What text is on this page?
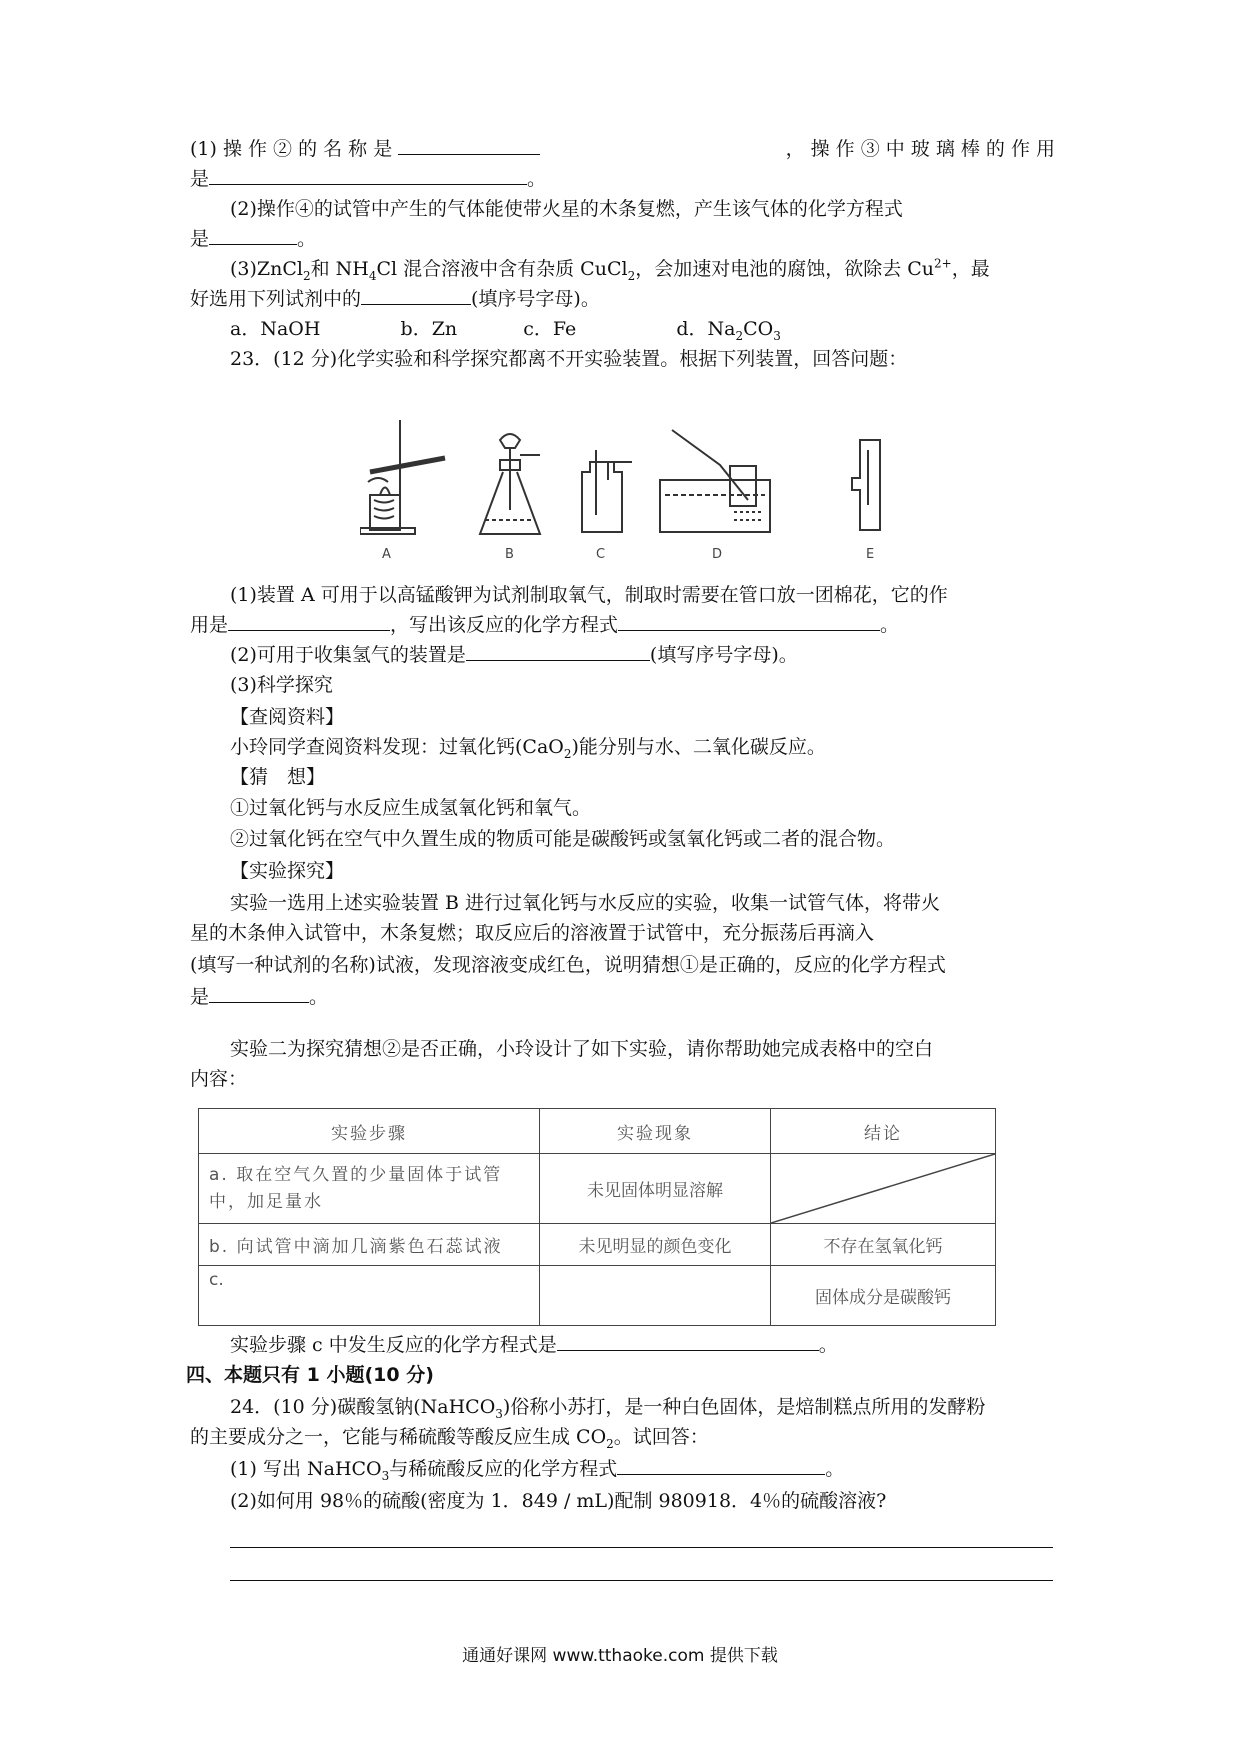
(1) 操 作 ② 的 名 称 是	， 操 作 ③ 中 玻 璃 棒 的 作 用
是	。
(2)操作④的试管中产生的气体能使带火星的木条复燃，产生该气体的化学方程式
是	。
(3)ZnCl$_2$和 $NH_4Cl$ 混合溶液中含有杂质 CuCl$_2$，会加速对电池的腐蚀，欲除去 $Cu^{2+}$，最
好选用下列试剂中的	(填序号字母)。
a．NaOH	b．Zn	c．Fe	d．$Na_2CO_3$
23．(12 分)化学实验和科学探究都离不开实验装置。根据下列装置，回答问题：
A	B	C	D	E
(1)装置 A 可用于以高锰酸钾为试剂制取氧气，制取时需要在管口放一团棉花，它的作
用是	，写出该反应的化学方程式	。
(2)可用于收集氢气的装置是	(填写序号字母)。
(3)科学探究
【查阅资料】
小玲同学查阅资料发现：过氧化钙(CaO$_2$)能分别与水、二氧化碳反应。
【猜　想】
①过氧化钙与水反应生成氢氧化钙和氧气。
②过氧化钙在空气中久置生成的物质可能是碳酸钙或氢氧化钙或二者的混合物。
【实验探究】
实验一选用上述实验装置 B 进行过氧化钙与水反应的实验，收集一试管气体，将带火
星的木条伸入试管中，木条复燃；取反应后的溶液置于试管中，充分振荡后再滴入
(填写一种试剂的名称)试液，发现溶液变成红色，说明猜想①是正确的，反应的化学方程式
是	。
实验二为探究猜想②是否正确，小玲设计了如下实验，请你帮助她完成表格中的空白
内容：
实验步骤	实验现象	结论
a. 取在空气久置的少量固体于试管中，加足量水	未见固体明显溶解	

b. 向试管中滴加几滴紫色石蕊试液	未见明显的颜色变化	不存在氢氧化钙
c.		固体成分是碳酸钙
实验步骤 c 中发生反应的化学方程式是	。
四、本题只有 1 小题(10 分)
24．(10 分)碳酸氢钠(NaHCO$_3$)俗称小苏打，是一种白色固体，是焙制糕点所用的发酵粉
的主要成分之一，它能与稀硫酸等酸反应生成 $CO_2$。试回答：
(1) 写出 NaHCO$_3$与稀硫酸反应的化学方程式	。
(2)如何用 98％的硫酸(密度为 1．849 / mL)配制 980918．4％的硫酸溶液?
通通好课网 www.tthaoke.com 提供下载
